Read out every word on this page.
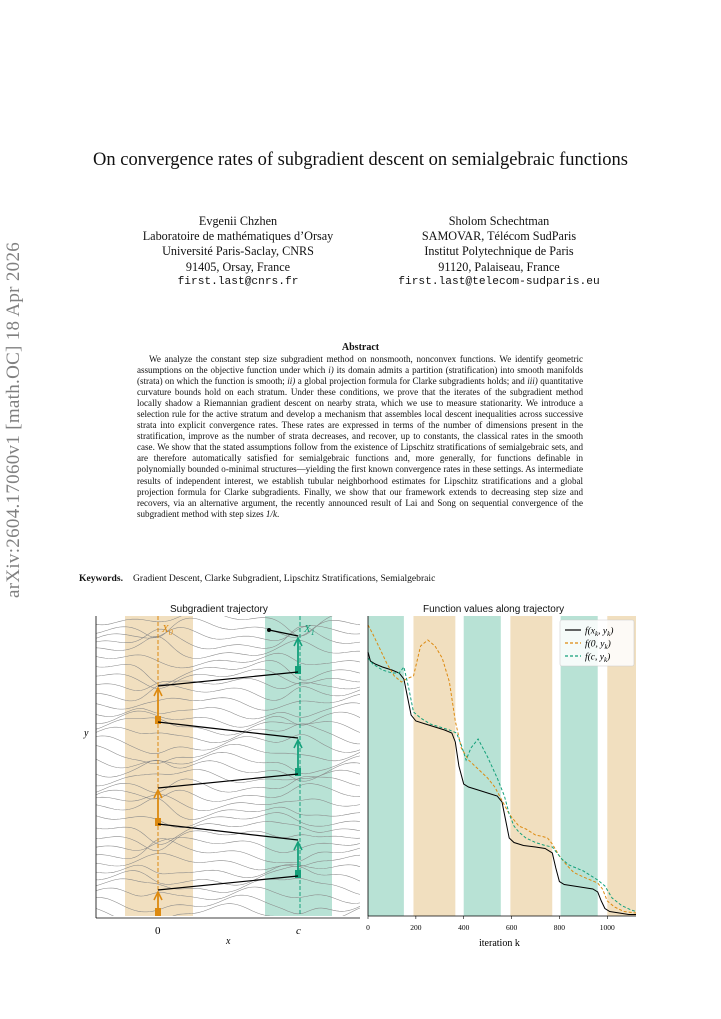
arXiv:2604.17060v1 [math.OC] 18 Apr 2026
On convergence rates of subgradient descent on semialgebraic functions
Evgenii Chzhen
Laboratoire de mathématiques d’Orsay
Université Paris-Saclay, CNRS
91405, Orsay, France
first.last@cnrs.fr
Sholom Schechtman
SAMOVAR, Télécom SudParis
Institut Polytechnique de Paris
91120, Palaiseau, France
first.last@telecom-sudparis.eu
Abstract
We analyze the constant step size subgradient method on nonsmooth, nonconvex functions. We identify geometric assumptions on the objective function under which i) its domain admits a partition (stratification) into smooth manifolds (strata) on which the function is smooth; ii) a global projection formula for Clarke subgradients holds; and iii) quantitative curvature bounds hold on each stratum. Under these conditions, we prove that the iterates of the subgradient method locally shadow a Riemannian gradient descent on nearby strata, which we use to measure stationarity. We introduce a selection rule for the active stratum and develop a mechanism that assembles local descent inequalities across successive strata into explicit convergence rates. These rates are expressed in terms of the number of dimensions present in the stratification, improve as the number of strata decreases, and recover, up to constants, the classical rates in the smooth case. We show that the stated assumptions follow from the existence of Lipschitz stratifications of semialgebraic sets, and are therefore automatically satisfied for semialgebraic functions and, more generally, for functions definable in polynomially bounded o-minimal structures—yielding the first known convergence rates in these settings. As intermediate results of independent interest, we establish tubular neighborhood estimates for Lipschitz stratifications and a global projection formula for Clarke subgradients. Finally, we show that our framework extends to decreasing step size and recovers, via an alternative argument, the recently announced result of Lai and Song on sequential convergence of the subgradient method with step sizes 1/k.
Subgradient trajectory
$X_0$	$X_1$
0	c
x
y
Function values along trajectory
0	200	400	600	800	1000
iteration k
$f(x_k$, $y_k$)
f(0, $y_k$)
f(c, $y_k$)
Keywords. Gradient Descent, Clarke Subgradient, Lipschitz Stratifications, Semialgebraic
